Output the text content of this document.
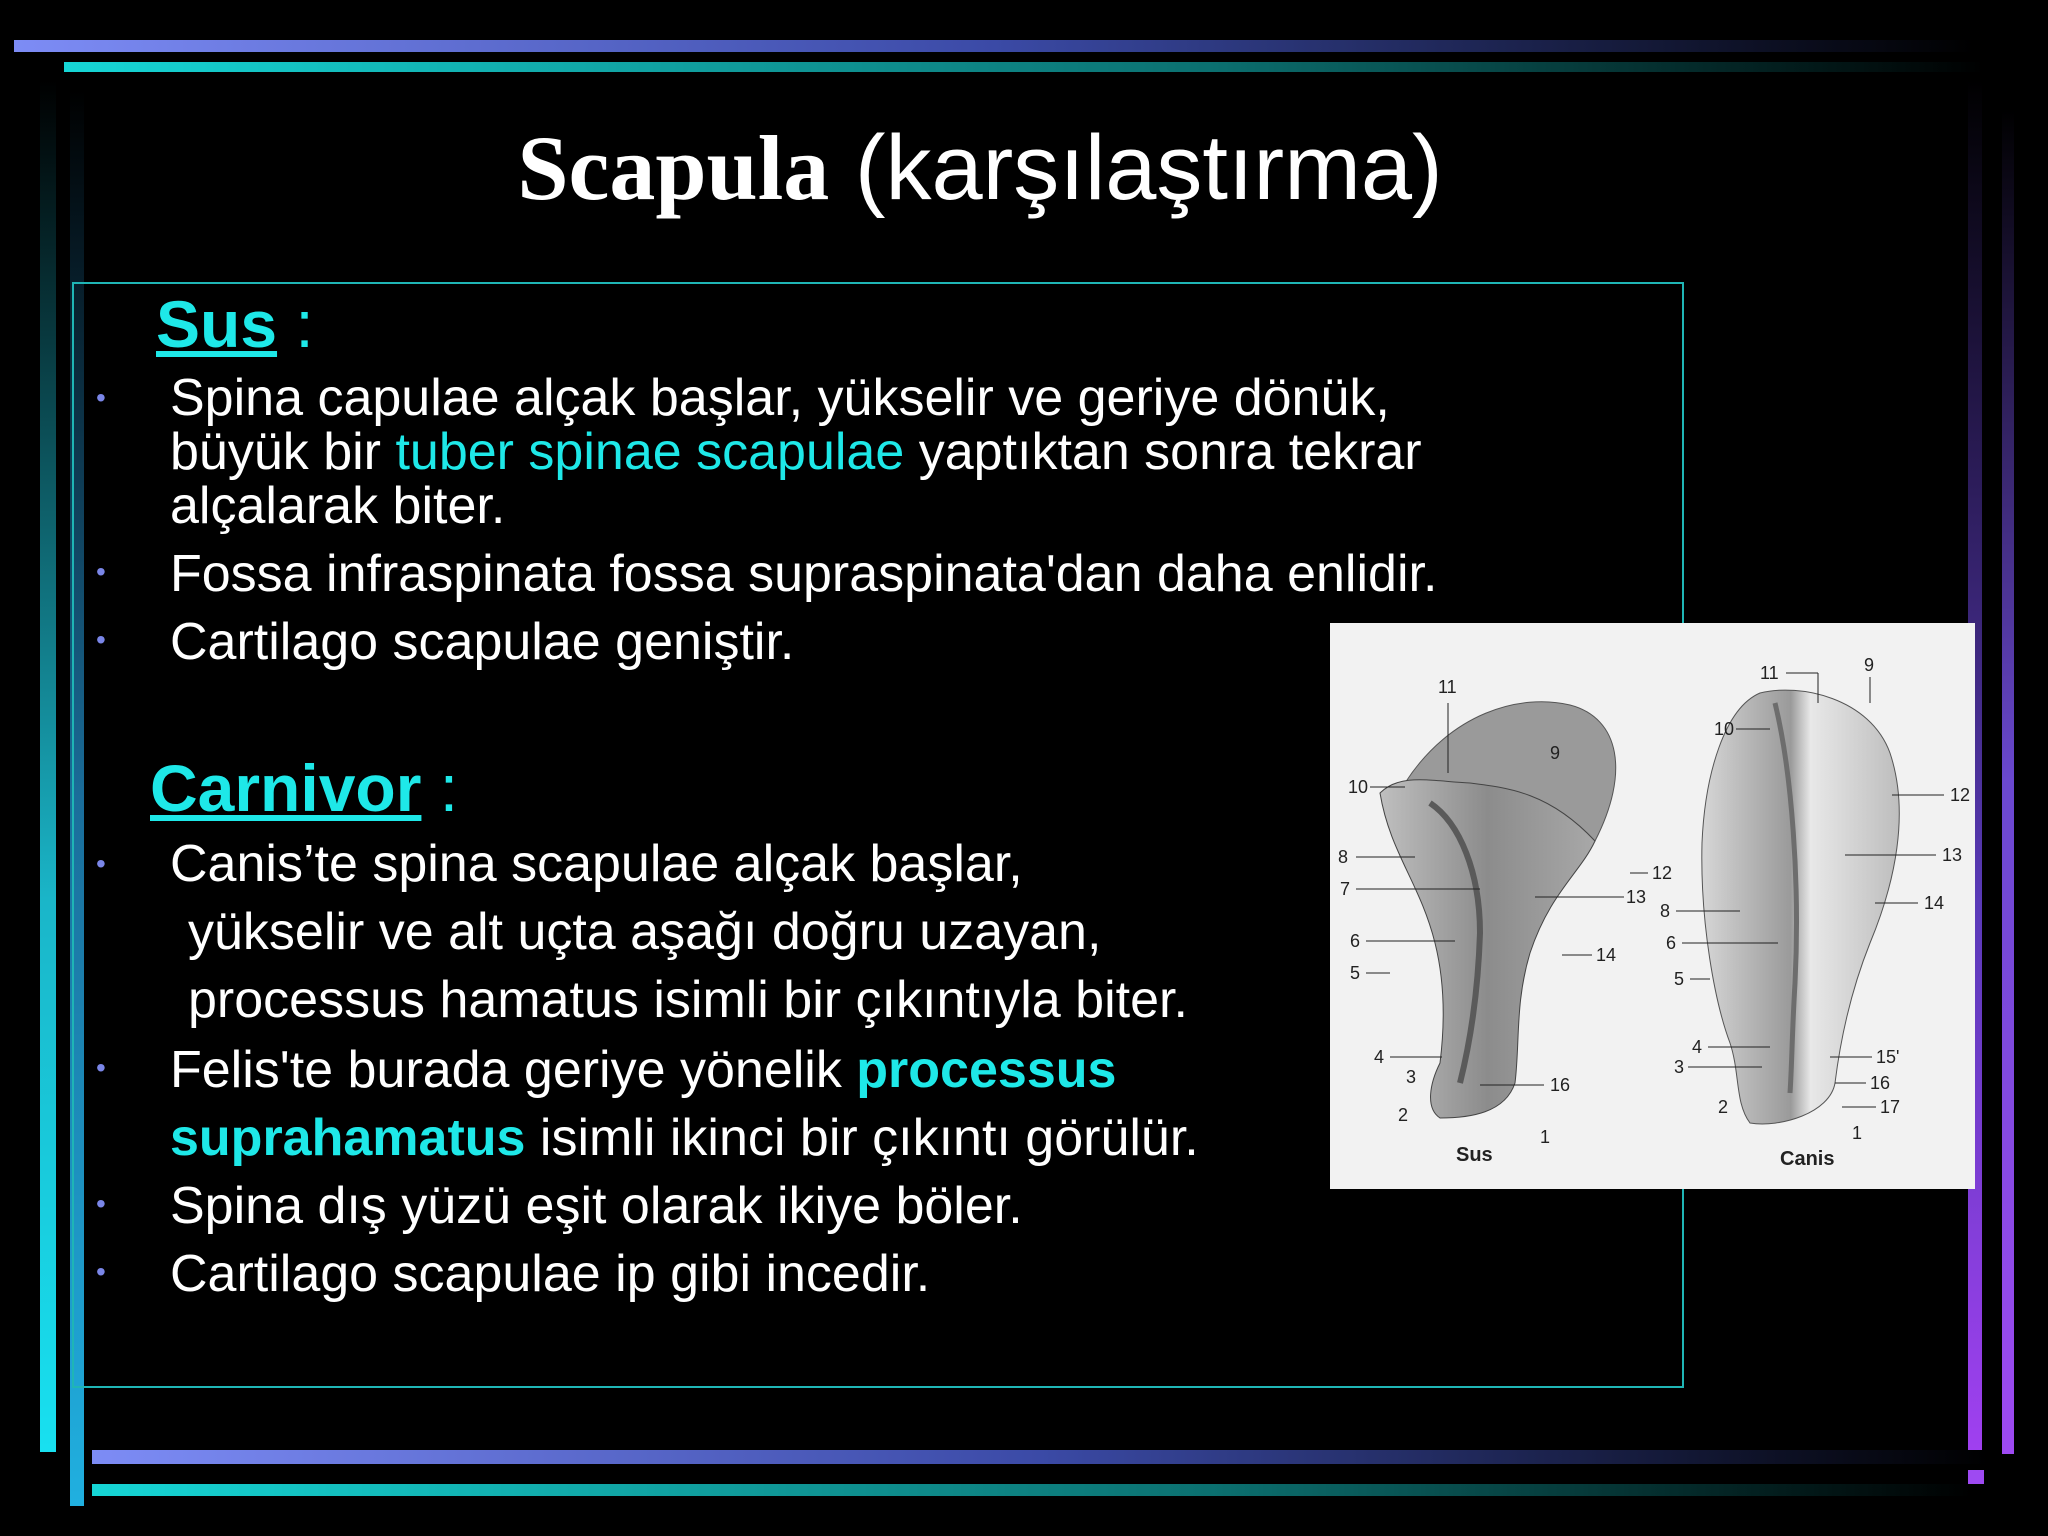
Scapula (karşılaştırma)
Sus :
• Spina capulae alçak başlar, yükselir ve geriye dönük,
büyük bir tuber spinae scapulae yaptıktan sonra tekrar
alçalarak biter.
• Fossa infraspinata fossa supraspinata'dan daha enlidir.
• Cartilago scapulae geniştir.
Carnivor :
• Canis’te spina scapulae alçak başlar,
yükselir ve alt uçta aşağı doğru uzayan,
processus hamatus isimli bir çıkıntıyla biter.
• Felis'te burada geriye yönelik processus
suprahamatus isimli ikinci bir çıkıntı görülür.
• Spina dış yüzü eşit olarak ikiye böler.
• Cartilago scapulae ip gibi incedir.
11
9
10
8
7
12
13
6
5
14
4
3	16
2
1
Sus
11	9
10
12
13
8	14
6
5
4
3	15'
16
2	17
1
Canis
